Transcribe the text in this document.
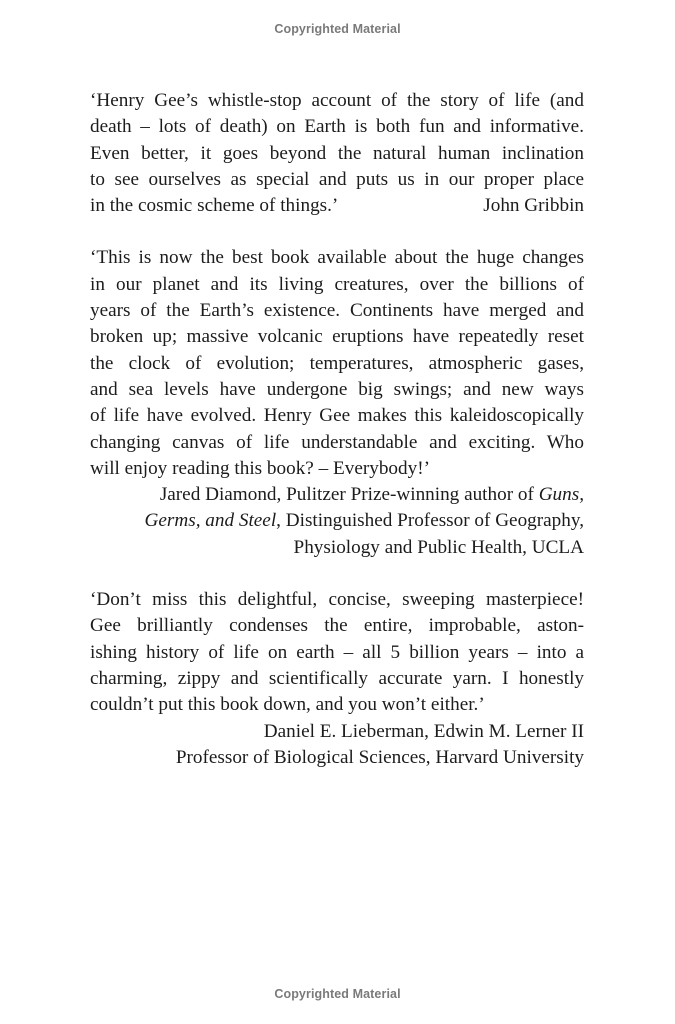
Copyrighted Material
‘Henry Gee’s whistle-stop account of the story of life (and
death – lots of death) on Earth is both fun and informative.
Even better, it goes beyond the natural human inclination
to see ourselves as special and puts us in our proper place
in the cosmic scheme of things.’	John Gribbin
‘This is now the best book available about the huge changes
in our planet and its living creatures, over the billions of
years of the Earth’s existence. Continents have merged and
broken up; massive volcanic eruptions have repeatedly reset
the clock of evolution; temperatures, atmospheric gases,
and sea levels have undergone big swings; and new ways
of life have evolved. Henry Gee makes this kaleidoscopically
changing canvas of life understandable and exciting. Who
will enjoy reading this book? – Everybody!’
Jared Diamond, Pulitzer Prize-winning author of Guns,
Germs, and Steel, Distinguished Professor of Geography,
Physiology and Public Health, UCLA
‘Don’t miss this delightful, concise, sweeping masterpiece!
Gee brilliantly condenses the entire, improbable, aston-
ishing history of life on earth – all 5 billion years – into a
charming, zippy and scientifically accurate yarn. I honestly
couldn’t put this book down, and you won’t either.’
Daniel E. Lieberman, Edwin M. Lerner II
Professor of Biological Sciences, Harvard University
Copyrighted Material
